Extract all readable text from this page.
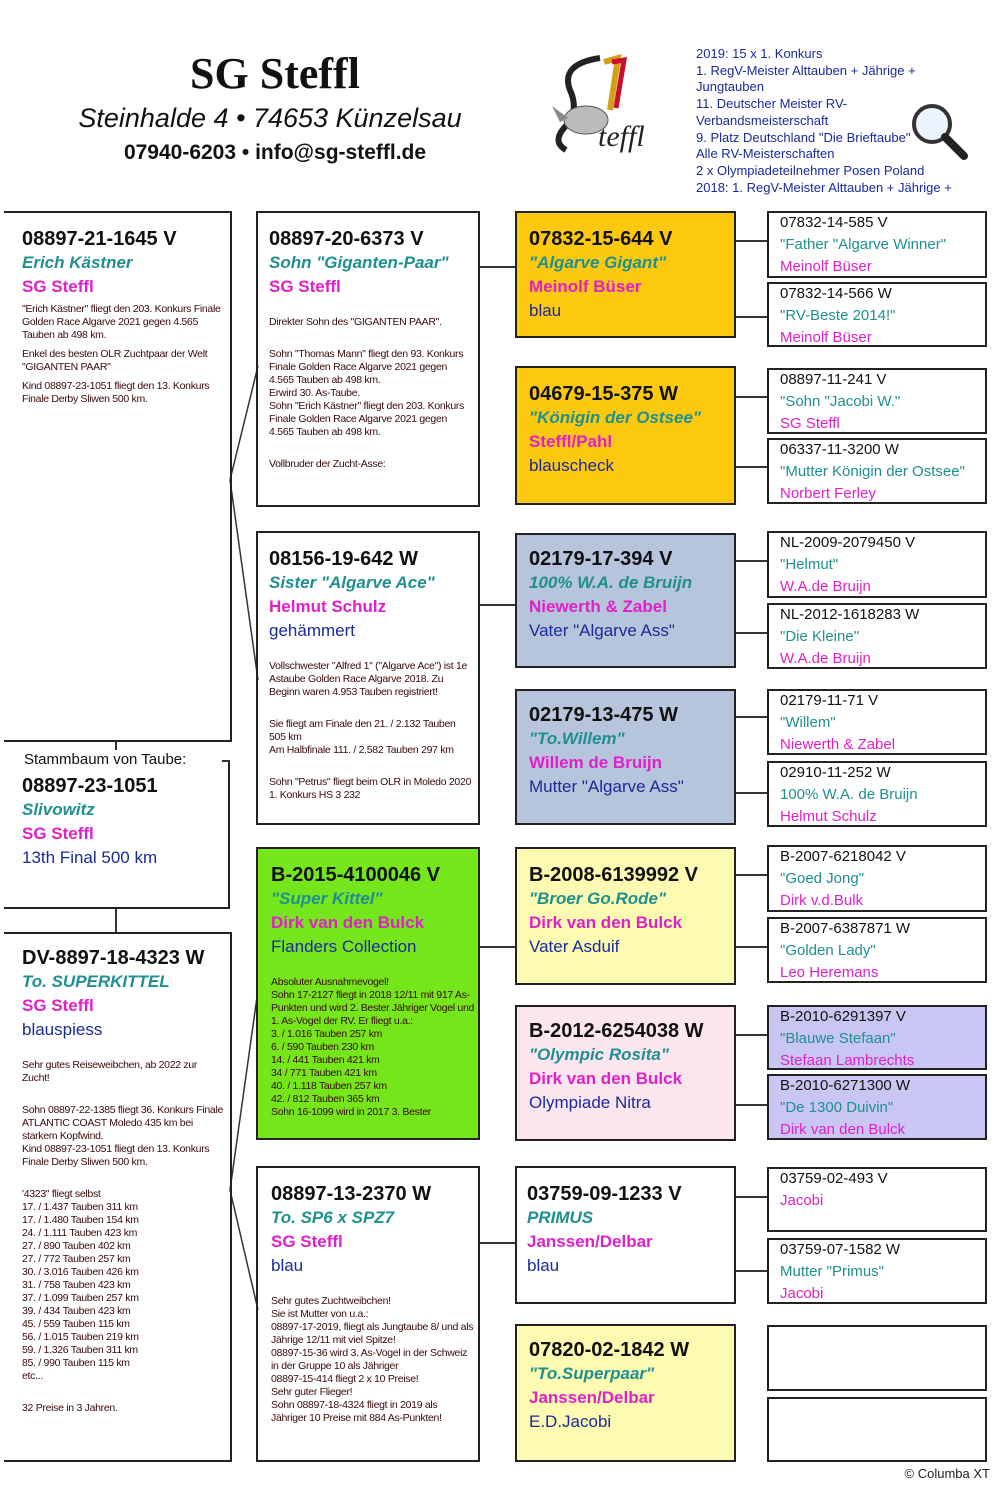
SG Steffl
Steinhalde 4 • 74653 Künzelsau
07940-6203 • info@sg-steffl.de	teffl
2019: 15 x 1. Konkurs
1. RegV-Meister Alttauben + Jährige +
Jungtauben
11. Deutscher Meister RV-
Verbandsmeisterschaft
9. Platz Deutschland "Die Brieftaube"
Alle RV-Meisterschaften
2 x Olympiadeteilnehmer Posen Poland
2018: 1. RegV-Meister Alttauben + Jährige +
08897-21-1645 V
Erich Kästner
SG Steffl

"Erich Kästner" fliegt den 203. Konkurs Finale Golden Race Algarve 2021 gegen 4.565 Tauben ab 498 km.

Enkel des besten OLR Zuchtpaar der Welt "GIGANTEN PAAR"

Kind 08897-23-1051 fliegt den 13. Konkurs Finale Derby Sliwen 500 km.

08897-23-1051
Slivowitz
SG Steffl
13th Final 500 km
Stammbaum von Taube:
DV-8897-18-4323 W
To. SUPERKITTEL
SG Steffl
blauspiess

Sehr gutes Reiseweibchen, ab 2022 zur Zucht!

Sohn 08897-22-1385 fliegt 36. Konkurs Finale ATLANTIC COAST Moledo 435 km bei starkem Kopfwind.
Kind 08897-23-1051 fliegt den 13. Konkurs Finale Derby Sliwen 500 km.

'4323" fliegt selbst
17. / 1.437 Tauben 311 km
17. / 1.480 Tauben 154 km
24. / 1.111 Tauben 423 km
27. / 890 Tauben 402 km
27. / 772 Tauben 257 km
30. / 3.016 Tauben 426 km
31. / 758 Tauben 423 km
37. / 1.099 Tauben 257 km
39. / 434 Tauben 423 km
45. / 559 Tauben 115 km
56. / 1.015 Tauben 219 km
59. / 1.326 Tauben 311 km
85. / 990 Tauben 115 km
etc...

32 Preise in 3 Jahren.

08897-20-6373 V
Sohn "Giganten-Paar"
SG Steffl

Direkter Sohn des "GIGANTEN PAAR".

Sohn "Thomas Mann" fliegt den 93. Konkurs Finale Golden Race Algarve 2021 gegen 4.565 Tauben ab 498 km.
Erwird 30. As-Taube.
Sohn "Erich Kästner" fliegt den 203. Konkurs Finale Golden Race Algarve 2021 gegen 4.565 Tauben ab 498 km.

Vollbruder der Zucht-Asse:

08156-19-642 W
Sister "Algarve Ace"
Helmut Schulz
gehämmert

Vollschwester "Alfred 1" ("Algarve Ace") ist 1e Astaube Golden Race Algarve 2018. Zu Beginn waren 4.953 Tauben registriert!

Sie fliegt am Finale den 21. / 2.132 Tauben 505 km
Am Halbfinale 111. / 2.582 Tauben 297 km

Sohn "Petrus" fliegt beim OLR in Moledo 2020 1. Konkurs HS 3 232

B-2015-4100046 V
"Super Kittel"
Dirk van den Bulck
Flanders Collection

Absoluter Ausnahmevogel!
Sohn 17-2127 fliegt in 2018 12/11 mit 917 As-Punkten und wird 2. Bester Jähriger Vogel und 1. As-Vogel der RV. Er fliegt u.a.:
3. / 1.016 Tauben 257 km
6. / 590 Tauben 230 km
14. / 441 Tauben 421 km
34 / 771 Tauben 421 km
40. / 1.118 Tauben 257 km
42. / 812 Tauben 365 km
Sohn 16-1099 wird in 2017 3. Bester

08897-13-2370 W
To. SP6 x SPZ7
SG Steffl
blau

Sehr gutes Zuchtweibchen!
Sie ist Mutter von u.a.:
08897-17-2019, fliegt als Jungtaube 8/ und als Jährige 12/11 mit viel Spitze!
08897-15-36 wird 3. As-Vogel in der Schweiz in der Gruppe 10 als Jähriger
08897-15-414 fliegt 2 x 10 Preise!
Sehr guter Flieger!
Sohn 08897-18-4324 fliegt in 2019 als Jähriger 10 Preise mit 884 As-Punkten!

07832-15-644 V
"Algarve Gigant"
Meinolf Büser
blau
04679-15-375 W
"Königin der Ostsee"
Steffl/Pahl
blauscheck
02179-17-394 V
100% W.A. de Bruijn
Niewerth & Zabel
Vater "Algarve Ass"
02179-13-475 W
"To.Willem"
Willem de Bruijn
Mutter "Algarve Ass"
B-2008-6139992 V
"Broer Go.Rode"
Dirk van den Bulck
Vater Asduif
B-2012-6254038 W
"Olympic Rosita"
Dirk van den Bulck
Olympiade Nitra
03759-09-1233 V
PRIMUS
Janssen/Delbar
blau
07820-02-1842 W
"To.Superpaar"
Janssen/Delbar
E.D.Jacobi
07832-14-585 V
"Father "Algarve Winner"
Meinolf Büser
07832-14-566 W
"RV-Beste 2014!"
Meinolf Büser
08897-11-241 V
"Sohn "Jacobi W."
SG Steffl
06337-11-3200 W
"Mutter Königin der Ostsee"
Norbert Ferley
NL-2009-2079450 V
"Helmut"
W.A.de Bruijn
NL-2012-1618283 W
"Die Kleine"
W.A.de Bruijn
02179-11-71 V
"Willem"
Niewerth & Zabel
02910-11-252 W
100% W.A. de Bruijn
Helmut Schulz
B-2007-6218042 V
"Goed Jong"
Dirk v.d.Bulk
B-2007-6387871 W
"Golden Lady"
Leo Heremans
B-2010-6291397 V
"Blauwe Stefaan"
Stefaan Lambrechts
B-2010-6271300 W
"De 1300 Duivin"
Dirk van den Bulck
03759-02-493 V
Jacobi
03759-07-1582 W
Mutter "Primus"
Jacobi
© Columba XT
